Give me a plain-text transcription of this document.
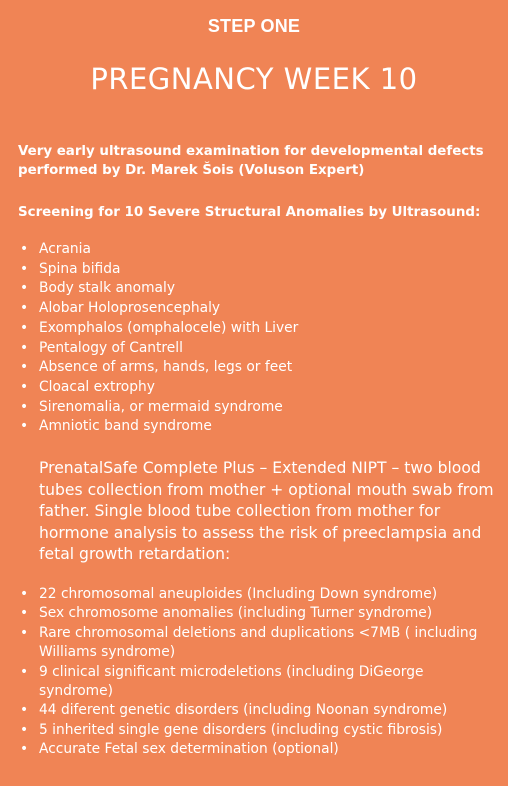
STEP ONE
PREGNANCY WEEK 10
Very early ultrasound examination for developmental defects performed by Dr. Marek Šois (Voluson Expert)
Screening for 10 Severe Structural Anomalies by Ultrasound:
• Acrania
• Spina bifida
• Body stalk anomaly
• Alobar Holoprosencephaly
• Exomphalos (omphalocele) with Liver
• Pentalogy of Cantrell
• Absence of arms, hands, legs or feet
• Cloacal extrophy
• Sirenomalia, or mermaid syndrome
• Amniotic band syndrome
PrenatalSafe Complete Plus – Extended NIPT – two blood tubes collection from mother + optional mouth swab from father. Single blood tube collection from mother for hormone analysis to assess the risk of preeclampsia and fetal growth retardation:
• 22 chromosomal aneuploides (Including Down syndrome)
• Sex chromosome anomalies (including Turner syndrome)
• Rare chromosomal deletions and duplications <7MB ( including Williams syndrome)
• 9 clinical significant microdeletions (including DiGeorge syndrome)
• 44 diferent genetic disorders (including Noonan syndrome)
• 5 inherited single gene disorders (including cystic fibrosis)
• Accurate Fetal sex determination (optional)
